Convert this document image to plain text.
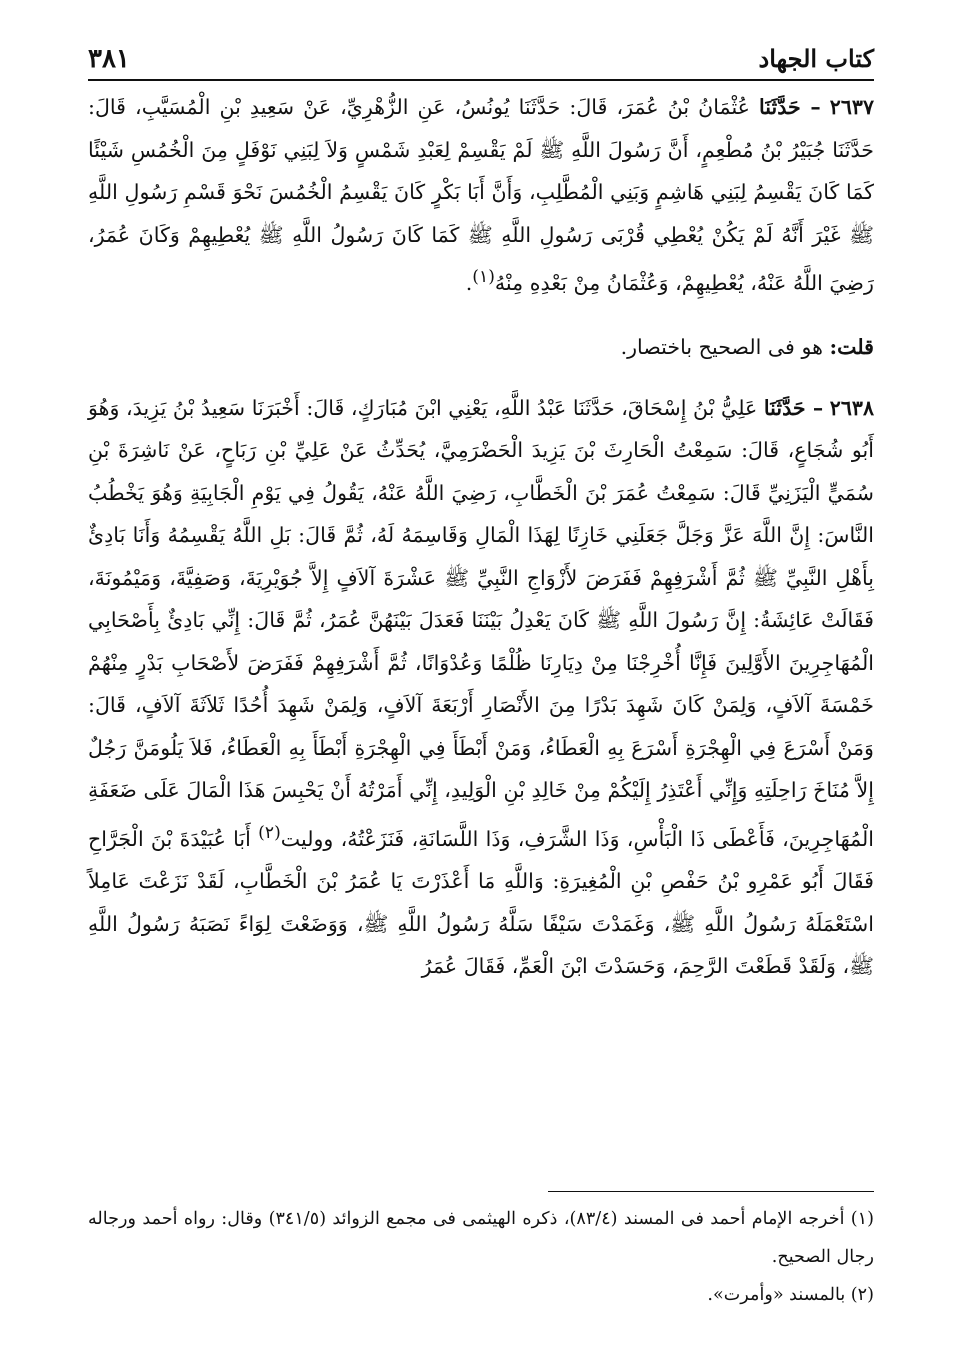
كتاب الجهاد
٣٨١

٢٦٣٧ – حَدَّثَنَا عُثْمَانُ بْنُ عُمَرَ، قَالَ: حَدَّثَنَا يُونُسُ، عَنِ الزُّهْرِيِّ، عَنْ سَعِيدِ بْنِ الْمُسَيَّبِ، قَالَ: حَدَّثَنَا جُبَيْرُ بْنُ مُطْعِمٍ، أَنَّ رَسُولَ اللَّهِ ﷺ لَمْ يَقْسِمْ لِعَبْدِ شَمْسٍ وَلاَ لِبَنِي نَوْفَلٍ مِنَ الْخُمُسِ شَيْئًا كَمَا كَانَ يَقْسِمُ لِبَنِي هَاشِمٍ وَبَنِي الْمُطَّلِبِ، وَأَنَّ أَبَا بَكْرٍ كَانَ يَقْسِمُ الْخُمُسَ نَحْوَ قَسْمِ رَسُولِ اللَّهِ ﷺ غَيْرَ أَنَّهُ لَمْ يَكُنْ يُعْطِي قُرْبَى رَسُولِ اللَّهِ ﷺ كَمَا كَانَ رَسُولُ اللَّهِ ﷺ يُعْطِيهِمْ وَكَانَ عُمَرُ، رَضِيَ اللَّهُ عَنْهُ، يُعْطِيهِمْ، وَعُثْمَانُ مِنْ بَعْدِهِ مِنْهُ$^{(١)}$.

قلت: هو فى الصحيح باختصار.

٢٦٣٨ – حَدَّثَنَا عَلِيُّ بْنُ إِسْحَاقَ، حَدَّثَنَا عَبْدُ اللَّهِ، يَعْنِي ابْنَ مُبَارَكٍ، قَالَ: أَخْبَرَنَا سَعِيدُ بْنُ يَزِيدَ، وَهُوَ أَبُو شُجَاعٍ، قَالَ: سَمِعْتُ الْحَارِثَ بْنَ يَزِيدَ الْحَضْرَمِيَّ، يُحَدِّثُ عَنْ عَلِيِّ بْنِ رَبَاحٍ، عَنْ نَاشِرَةَ بْنِ سُمَيٍّ الْيَزَنِيِّ قَالَ: سَمِعْتُ عُمَرَ بْنَ الْخَطَّابِ، رَضِيَ اللَّهُ عَنْهُ، يَقُولُ فِي يَوْمِ الْجَابِيَةِ وَهُوَ يَخْطُبُ النَّاسَ: إِنَّ اللَّهَ عَزَّ وَجَلَّ جَعَلَنِي خَازِنًا لِهَذَا الْمَالِ وَقَاسِمَهُ لَهُ، ثُمَّ قَالَ: بَلِ اللَّهُ يَقْسِمُهُ وَأَنَا بَادِئٌ بِأَهْلِ النَّبِيِّ ﷺ ثُمَّ أَشْرَفِهِمْ فَفَرَضَ لأَزْوَاجِ النَّبِيِّ ﷺ عَشْرَةَ آلاَفٍ إِلاَّ جُوَيْرِيَةَ، وَصَفِيَّةَ، وَمَيْمُونَةَ، فَقَالَتْ عَائِشَةُ: إِنَّ رَسُولَ اللَّهِ ﷺ كَانَ يَعْدِلُ بَيْنَنَا فَعَدَلَ بَيْنَهُنَّ عُمَرُ، ثُمَّ قَالَ: إِنِّي بَادِئٌ بِأَصْحَابِي الْمُهَاجِرِينَ الأَوَّلِينَ فَإِنَّا أُخْرِجْنَا مِنْ دِيَارِنَا ظُلْمًا وَعُدْوَانًا، ثُمَّ أَشْرَفِهِمْ فَفَرَضَ لأَصْحَابِ بَدْرٍ مِنْهُمْ خَمْسَةَ آلاَفٍ، وَلِمَنْ كَانَ شَهِدَ بَدْرًا مِنَ الأَنْصَارِ أَرْبَعَةَ آلاَفٍ، وَلِمَنْ شَهِدَ أُحُدًا ثَلاَثَةَ آلاَفٍ، قَالَ: وَمَنْ أَسْرَعَ فِي الْهِجْرَةِ أَسْرَعَ بِهِ الْعَطَاءُ، وَمَنْ أَبْطَأَ فِي الْهِجْرَةِ أَبْطَأَ بِهِ الْعَطَاءُ، فَلاَ يَلُومَنَّ رَجُلٌ إِلاَّ مُنَاخَ رَاحِلَتِهِ وَإِنِّي أَعْتَذِرُ إِلَيْكُمْ مِنْ خَالِدِ بْنِ الْوَلِيدِ، إِنِّي أَمَرْتُهُ أَنْ يَحْبِسَ هَذَا الْمَالَ عَلَى ضَعَفَةِ الْمُهَاجِرِينَ، فَأَعْطَى ذَا الْبَأْسِ، وَذَا الشَّرَفِ، وَذَا اللَّسَانَةِ، فَنَزَعْتُهُ، ووليت$^{(٢)}$ أَبَا عُبَيْدَةَ بْنَ الْجَرَّاحِ فَقَالَ أَبُو عَمْرِو بْنُ حَفْصِ بْنِ الْمُغِيرَةِ: وَاللَّهِ مَا أَعْذَرْتَ يَا عُمَرُ بْنَ الْخَطَّابِ، لَقَدْ نَزَعْتَ عَامِلاً اسْتَعْمَلَهُ رَسُولُ اللَّهِ ﷺ، وَغَمَدْتَ سَيْفًا سَلَّهُ رَسُولُ اللَّهِ ﷺ، وَوَضَعْتَ لِوَاءً نَصَبَهُ رَسُولُ اللَّهِ ﷺ، وَلَقَدْ قَطَعْتَ الرَّحِمَ، وَحَسَدْتَ ابْنَ الْعَمِّ، فَقَالَ عُمَرُ

(١) أخرجه الإمام أحمد فى المسند (٨٣/٤)، ذكره الهيثمى فى مجمع الزوائد (٣٤١/٥) وقال: رواه أحمد ورجاله رجال الصحيح.

(٢) بالمسند «وأمرت».
